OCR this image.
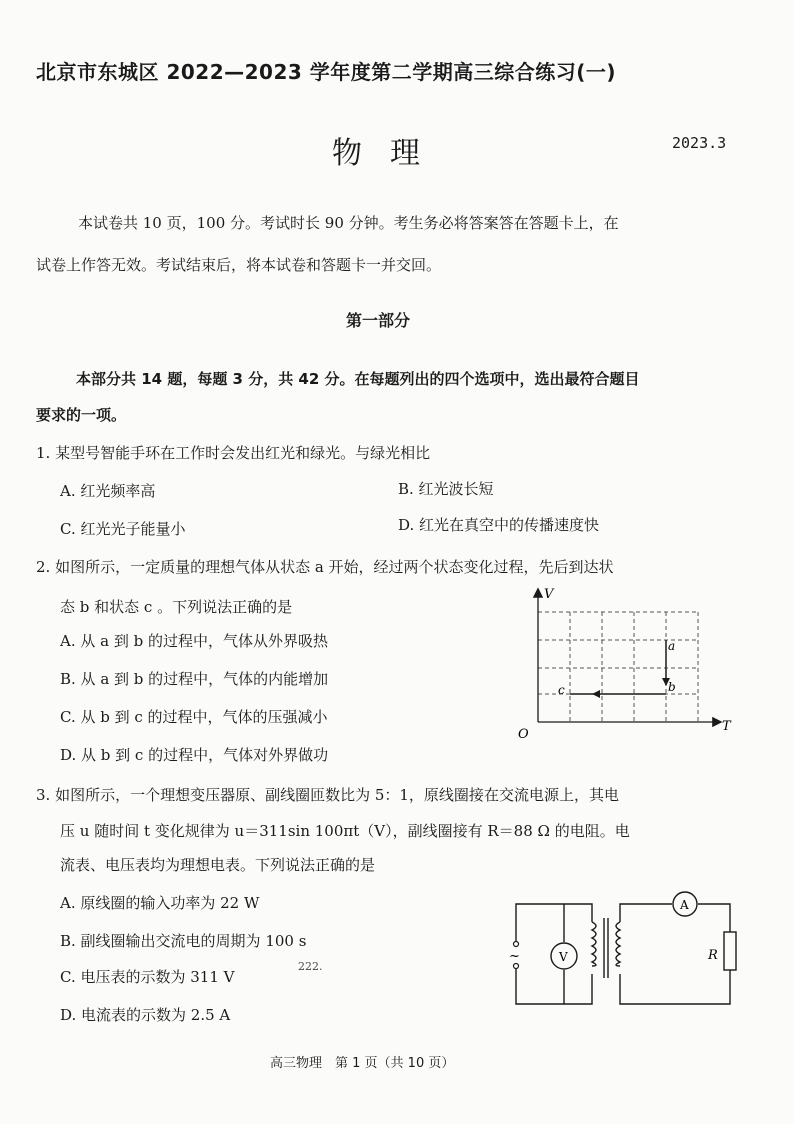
北京市东城区 2022—2023 学年度第二学期高三综合练习(一)
物理	2023.3
本试卷共 10 页，100 分。考试时长 90 分钟。考生务必将答案答在答题卡上，在
试卷上作答无效。考试结束后，将本试卷和答题卡一并交回。
第一部分
本部分共 14 题，每题 3 分，共 42 分。在每题列出的四个选项中，选出最符合题目
要求的一项。
1. 某型号智能手环在工作时会发出红光和绿光。与绿光相比
A. 红光频率高	B. 红光波长短
C. 红光光子能量小	D. 红光在真空中的传播速度快
2. 如图所示，一定质量的理想气体从状态 a 开始，经过两个状态变化过程，先后到达状
态 b 和状态 c 。下列说法正确的是
A. 从 a 到 b 的过程中，气体从外界吸热
B. 从 a 到 b 的过程中，气体的内能增加
C. 从 b 到 c 的过程中，气体的压强减小
D. 从 b 到 c 的过程中，气体对外界做功
V
T
O
a
b
c
3. 如图所示，一个理想变压器原、副线圈匝数比为 5：1，原线圈接在交流电源上，其电
压 u 随时间 t 变化规律为 u＝311sin 100πt（V），副线圈接有 R＝88 Ω 的电阻。电
流表、电压表均为理想电表。下列说法正确的是
A. 原线圈的输入功率为 22 W
B. 副线圈输出交流电的周期为 100 s
C. 电压表的示数为 311 V
222.
D. 电流表的示数为 2.5 A
~	V
A
R
高三物理　第 1 页（共 10 页）
